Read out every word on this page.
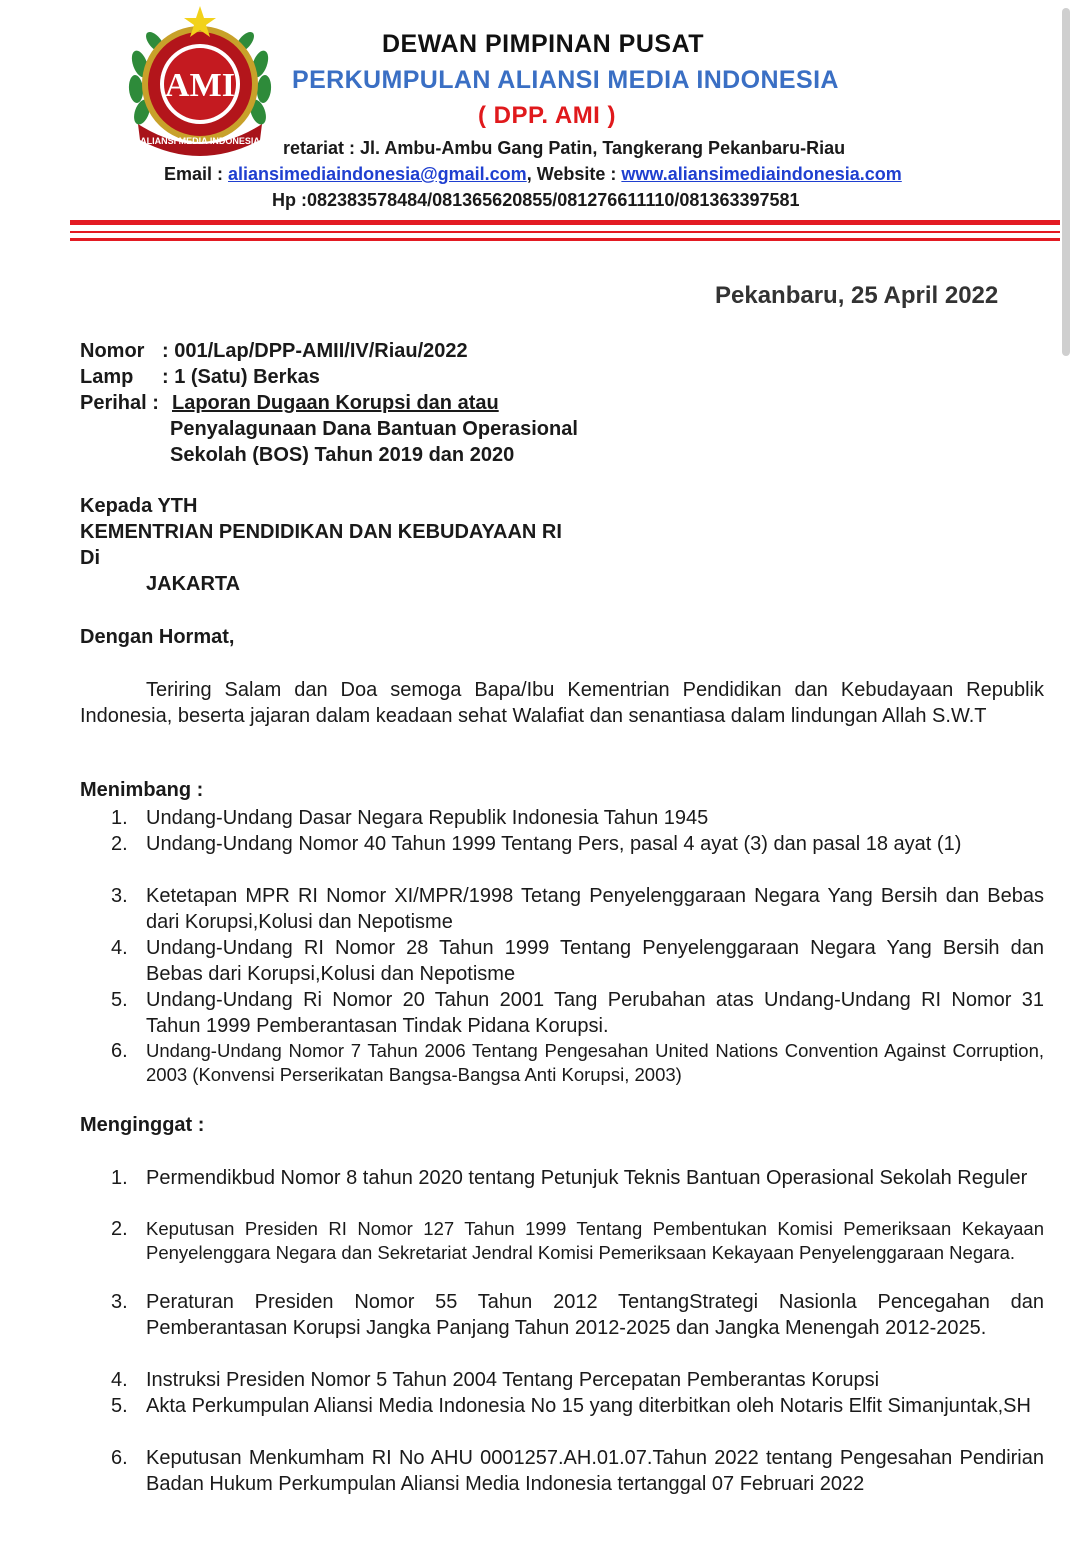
AMI
ALIANSI MEDIA INDONESIA
DEWAN PIMPINAN PUSAT
PERKUMPULAN ALIANSI MEDIA INDONESIA
( DPP. AMI )
retariat : Jl. Ambu-Ambu Gang Patin, Tangkerang Pekanbaru-Riau
Email : aliansimediaindonesia@gmail.com, Website : www.aliansimediaindonesia.com
Hp :082383578484/081365620855/081276611110/081363397581
Pekanbaru, 25 April 2022
Nomor : 001/Lap/DPP-AMII/IV/Riau/2022
Lamp : 1 (Satu) Berkas
Perihal : Laporan Dugaan Korupsi dan atau
Penyalagunaan Dana Bantuan Operasional
Sekolah (BOS) Tahun 2019 dan 2020
Kepada YTH
KEMENTRIAN PENDIDIKAN DAN KEBUDAYAAN RI
Di
JAKARTA
Dengan Hormat,
Teriring Salam dan Doa semoga Bapa/Ibu Kementrian Pendidikan dan Kebudayaan Republik Indonesia, beserta jajaran dalam keadaan sehat Walafiat dan senantiasa dalam lindungan Allah S.W.T
Menimbang :
1. Undang-Undang Dasar Negara Republik Indonesia Tahun 1945
2. Undang-Undang Nomor 40 Tahun 1999 Tentang Pers, pasal 4 ayat (3) dan pasal 18 ayat (1)
3. Ketetapan MPR RI Nomor XI/MPR/1998 Tetang Penyelenggaraan Negara Yang Bersih dan Bebas dari Korupsi,Kolusi dan Nepotisme
4. Undang-Undang RI Nomor 28 Tahun 1999 Tentang Penyelenggaraan Negara Yang Bersih dan Bebas dari Korupsi,Kolusi dan Nepotisme
5. Undang-Undang Ri Nomor 20 Tahun 2001 Tang Perubahan atas Undang-Undang RI Nomor 31 Tahun 1999 Pemberantasan Tindak Pidana Korupsi.
6. Undang-Undang Nomor 7 Tahun 2006 Tentang Pengesahan United Nations Convention Against Corruption, 2003 (Konvensi Perserikatan Bangsa-Bangsa Anti Korupsi, 2003)
Menginggat :
1. Permendikbud Nomor 8 tahun 2020 tentang Petunjuk Teknis Bantuan Operasional Sekolah Reguler
2. Keputusan Presiden RI Nomor 127 Tahun 1999 Tentang Pembentukan Komisi Pemeriksaan Kekayaan Penyelenggara Negara dan Sekretariat Jendral Komisi Pemeriksaan Kekayaan Penyelenggaraan Negara.
3. Peraturan Presiden Nomor 55 Tahun 2012 TentangStrategi Nasionla Pencegahan dan Pemberantasan Korupsi Jangka Panjang Tahun 2012-2025 dan Jangka Menengah 2012-2025.
4. Instruksi Presiden Nomor 5 Tahun 2004 Tentang Percepatan Pemberantas Korupsi
5. Akta Perkumpulan Aliansi Media Indonesia No 15 yang diterbitkan oleh Notaris Elfit Simanjuntak,SH
6. Keputusan Menkumham RI No AHU 0001257.AH.01.07.Tahun 2022 tentang Pengesahan Pendirian Badan Hukum Perkumpulan Aliansi Media Indonesia tertanggal 07 Februari 2022
